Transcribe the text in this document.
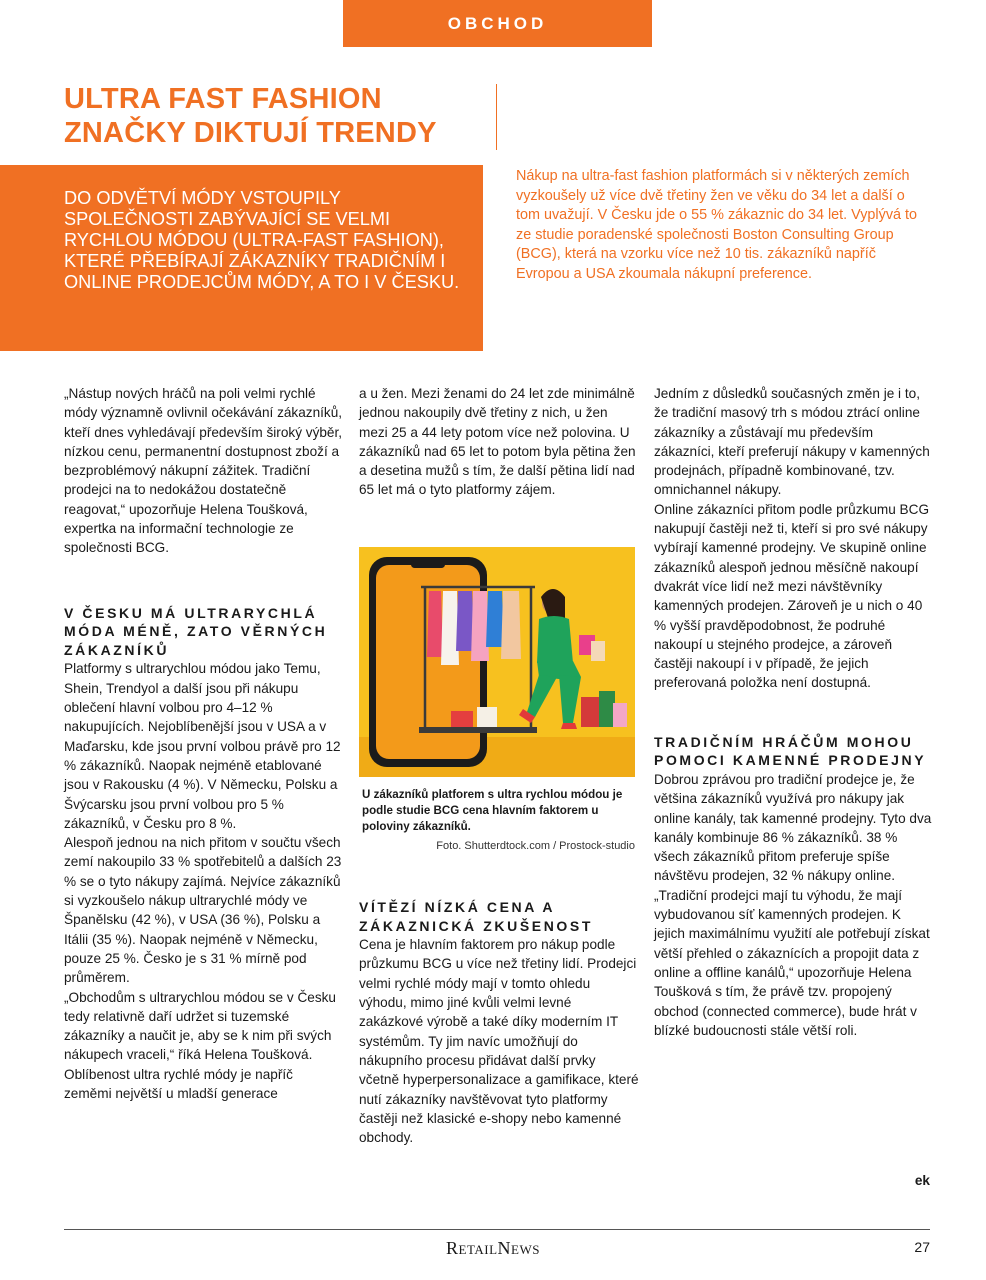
OBCHOD
ULTRA FAST FASHION
ZNAČKY DIKTUJÍ TRENDY

DO ODVĚTVÍ MÓDY VSTOUPILY SPOLEČNOSTI ZABÝVAJÍCÍ SE VELMI RYCHLOU MÓDOU (ULTRA-FAST FASHION), KTERÉ PŘEBÍRAJÍ ZÁKAZNÍKY TRADIČNÍM I ONLINE PRODEJCŮM MÓDY, A TO I V ČESKU.

Nákup na ultra-fast fashion platformách si v některých zemích vyzkoušely už více dvě třetiny žen ve věku do 34 let a další o tom uvažují. V Česku jde o 55 % zákaznic do 34 let. Vyplývá to ze studie poradenské společnosti Boston Consulting Group (BCG), která na vzorku více než 10 tis. zákazníků napříč Evropou a USA zkoumala nákupní preference.

„Nástup nových hráčů na poli velmi rychlé módy významně ovlivnil očekávání zákazníků, kteří dnes vyhledávají především široký výběr, nízkou cenu, permanentní dostupnost zboží a bezproblémový nákupní zážitek. Tradiční prodejci na to nedokážou dostatečně reagovat,“ upozorňuje Helena Toušková, expertka na informační technologie ze společnosti BCG.

V ČESKU MÁ ULTRARYCHLÁ MÓDA MÉNĚ, ZATO VĚRNÝCH ZÁKAZNÍKŮ

Platformy s ultrarychlou módou jako Temu, Shein, Trendyol a další jsou při nákupu oblečení hlavní volbou pro 4–12 % nakupujících. Nejoblíbenější jsou v USA a v Maďarsku, kde jsou první volbou právě pro 12 % zákazníků. Naopak nejméně etablované jsou v Rakousku (4 %). V Německu, Polsku a Švýcarsku jsou první volbou pro 5 % zákazníků, v Česku pro 8 %.

Alespoň jednou na nich přitom v součtu všech zemí nakoupilo 33 % spotřebitelů a dalších 23 % se o tyto nákupy zajímá. Nejvíce zákazníků si vyzkoušelo nákup ultrarychlé módy ve Španělsku (42 %), v USA (36 %), Polsku a Itálii (35 %). Naopak nejméně v Německu, pouze 25 %. Česko je s 31 % mírně pod průměrem.

„Obchodům s ultrarychlou módou se v Česku tedy relativně daří udržet si tuzemské zákazníky a naučit je, aby se k nim při svých nákupech vraceli,“ říká Helena Toušková.

Oblíbenost ultra rychlé módy je napříč zeměmi největší u mladší generace

a u žen. Mezi ženami do 24 let zde minimálně jednou nakoupily dvě třetiny z nich, u žen mezi 25 a 44 lety potom více než polovina. U zákazníků nad 65 let to potom byla pětina žen a desetina mužů s tím, že další pětina lidí nad 65 let má o tyto platformy zájem.

U zákazníků platforem s ultra rychlou módou je podle studie BCG cena hlavním faktorem u poloviny zákazníků.

Foto. Shutterdtock.com / Prostock-studio

VÍTĚZÍ NÍZKÁ CENA A ZÁKAZNICKÁ ZKUŠENOST

Cena je hlavním faktorem pro nákup podle průzkumu BCG u více než třetiny lidí. Prodejci velmi rychlé módy mají v tomto ohledu výhodu, mimo jiné kvůli velmi levné zakázkové výrobě a také díky moderním IT systémům. Ty jim navíc umožňují do nákupního procesu přidávat další prvky včetně hyperpersonalizace a gamifikace, které nutí zákazníky navštěvovat tyto platformy častěji než klasické e-shopy nebo kamenné obchody.

Jedním z důsledků současných změn je i to, že tradiční masový trh s módou ztrácí online zákazníky a zůstávají mu především zákazníci, kteří preferují nákupy v kamenných prodejnách, případně kombinované, tzv. omnichannel nákupy.

Online zákazníci přitom podle průzkumu BCG nakupují častěji než ti, kteří si pro své nákupy vybírají kamenné prodejny. Ve skupině online zákazníků alespoň jednou měsíčně nakoupí dvakrát více lidí než mezi návštěvníky kamenných prodejen. Zároveň je u nich o 40 % vyšší pravděpodobnost, že podruhé nakoupí u stejného prodejce, a zároveň častěji nakoupí i v případě, že jejich preferovaná položka není dostupná.

TRADIČNÍM HRÁČŮM MOHOU POMOCI KAMENNÉ PRODEJNY

Dobrou zprávou pro tradiční prodejce je, že většina zákazníků využívá pro nákupy jak online kanály, tak kamenné prodejny. Tyto dva kanály kombinuje 86 % zákazníků. 38 % všech zákazníků přitom preferuje spíše návštěvu prodejen, 32 % nákupy online.

„Tradiční prodejci mají tu výhodu, že mají vybudovanou síť kamenných prodejen. K jejich maximálnímu využití ale potřebují získat větší přehled o zákaznících a propojit data z online a offline kanálů,“ upozorňuje Helena Toušková s tím, že právě tzv. propojený obchod (connected commerce), bude hrát v blízké budoucnosti stále větší roli.

ek

RetailNews	27
